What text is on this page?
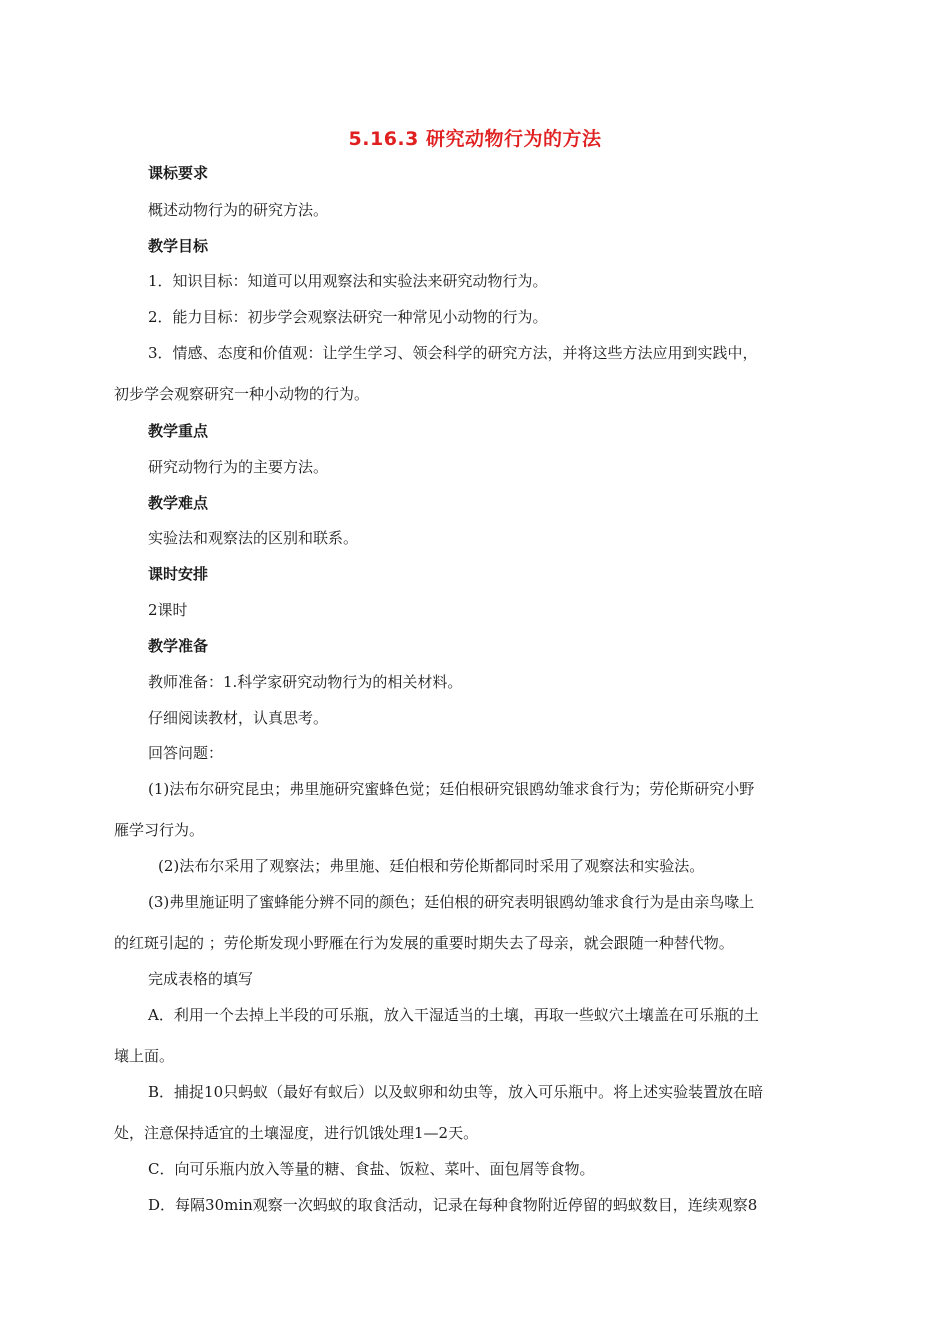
5.16.3 研究动物行为的方法
课标要求
概述动物行为的研究方法。
教学目标
1．知识目标：知道可以用观察法和实验法来研究动物行为。
2．能力目标：初步学会观察法研究一种常见小动物的行为。
3．情感、态度和价值观：让学生学习、领会科学的研究方法，并将这些方法应用到实践中，
初步学会观察研究一种小动物的行为。
教学重点
研究动物行为的主要方法。
教学难点
实验法和观察法的区别和联系。
课时安排
2课时
教学准备
教师准备：1.科学家研究动物行为的相关材料。
仔细阅读教材，认真思考。
回答问题：
(1)法布尔研究昆虫；弗里施研究蜜蜂色觉；廷伯根研究银鸥幼雏求食行为；劳伦斯研究小野
雁学习行为。
(2)法布尔采用了观察法；弗里施、廷伯根和劳伦斯都同时采用了观察法和实验法。
(3)弗里施证明了蜜蜂能分辨不同的颜色；廷伯根的研究表明银鸥幼雏求食行为是由亲鸟喙上
的红斑引起的 ；劳伦斯发现小野雁在行为发展的重要时期失去了母亲，就会跟随一种替代物。
完成表格的填写
A．利用一个去掉上半段的可乐瓶，放入干湿适当的土壤，再取一些蚁穴土壤盖在可乐瓶的土
壤上面。
B．捕捉10只蚂蚁（最好有蚁后）以及蚁卵和幼虫等，放入可乐瓶中。将上述实验装置放在暗
处，注意保持适宜的土壤湿度，进行饥饿处理1—2天。
C．向可乐瓶内放入等量的糖、食盐、饭粒、菜叶、面包屑等食物。
D．每隔30min观察一次蚂蚁的取食活动，记录在每种食物附近停留的蚂蚁数目，连续观察8
